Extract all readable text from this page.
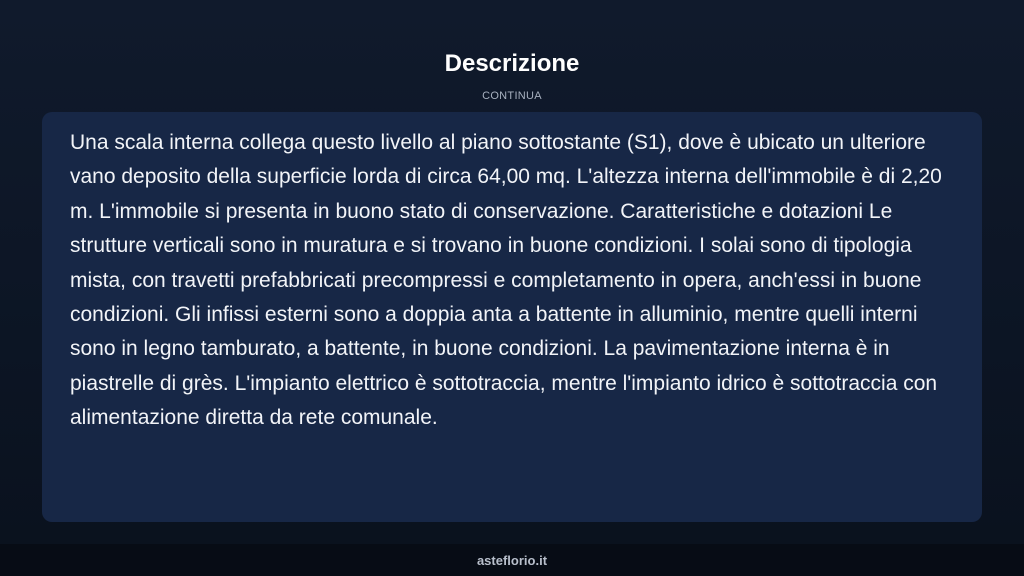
Descrizione
CONTINUA

Una scala interna collega questo livello al piano sottostante (S1), dove è ubicato un ulteriore vano deposito della superficie lorda di circa 64,00 mq. L'altezza interna dell'immobile è di 2,20 m. L'immobile si presenta in buono stato di conservazione. Caratteristiche e dotazioni Le strutture verticali sono in muratura e si trovano in buone condizioni. I solai sono di tipologia mista, con travetti prefabbricati precompressi e completamento in opera, anch'essi in buone condizioni. Gli infissi esterni sono a doppia anta a battente in alluminio, mentre quelli interni sono in legno tamburato, a battente, in buone condizioni. La pavimentazione interna è in piastrelle di grès. L'impianto elettrico è sottotraccia, mentre l'impianto idrico è sottotraccia con alimentazione diretta da rete comunale.

asteflorio.it
